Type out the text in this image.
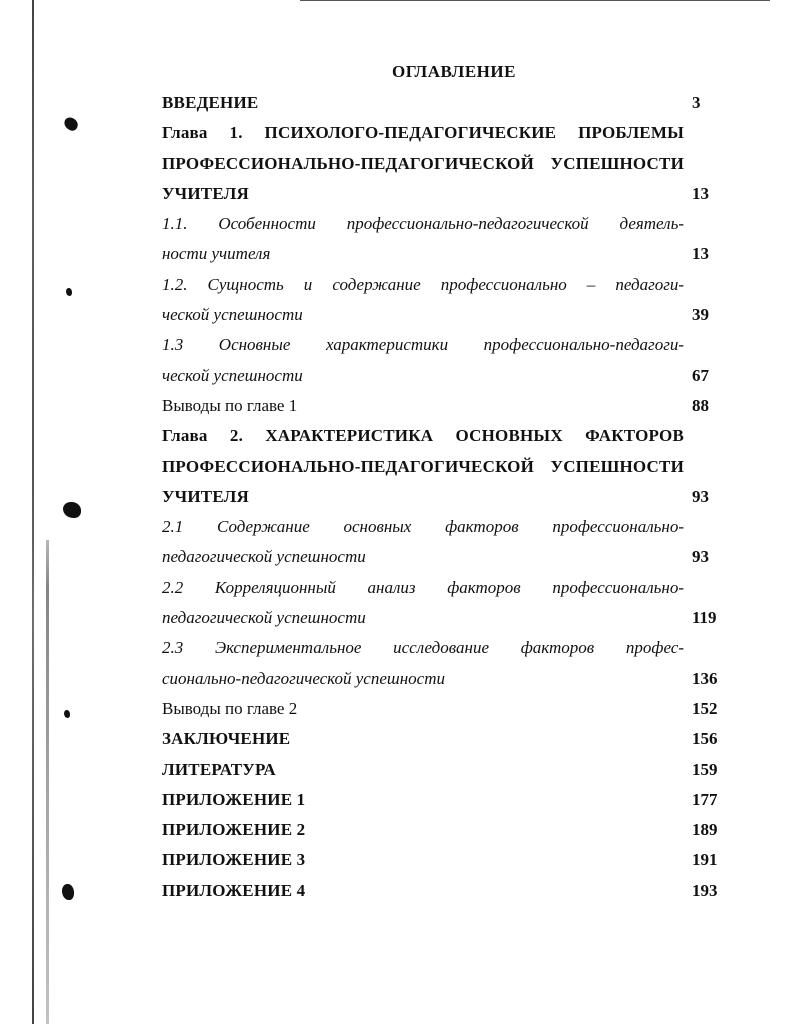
ОГЛАВЛЕНИЕ
ВВЕДЕНИЕ	3
Глава 1. ПСИХОЛОГО-ПЕДАГОГИЧЕСКИЕ ПРОБЛЕМЫ
ПРОФЕССИОНАЛЬНО-ПЕДАГОГИЧЕСКОЙ УСПЕШНОСТИ
УЧИТЕЛЯ	13
1.1. Особенности профессионально-педагогической деятель-
ности учителя	13
1.2. Сущность и содержание профессионально – педагоги-
ческой успешности	39
1.3 Основные характеристики профессионально-педагоги-
ческой успешности	67
Выводы по главе 1	88
Глава 2. ХАРАКТЕРИСТИКА ОСНОВНЫХ ФАКТОРОВ
ПРОФЕССИОНАЛЬНО-ПЕДАГОГИЧЕСКОЙ УСПЕШНОСТИ
УЧИТЕЛЯ	93
2.1 Содержание основных факторов профессионально-
педагогической успешности	93
2.2 Корреляционный анализ факторов профессионально-
педагогической успешности	119
2.3 Экспериментальное исследование факторов профес-
сионально-педагогической успешности	136
Выводы по главе 2	152
ЗАКЛЮЧЕНИЕ	156
ЛИТЕРАТУРА	159
ПРИЛОЖЕНИЕ 1	177
ПРИЛОЖЕНИЕ 2	189
ПРИЛОЖЕНИЕ 3	191
ПРИЛОЖЕНИЕ 4	193
